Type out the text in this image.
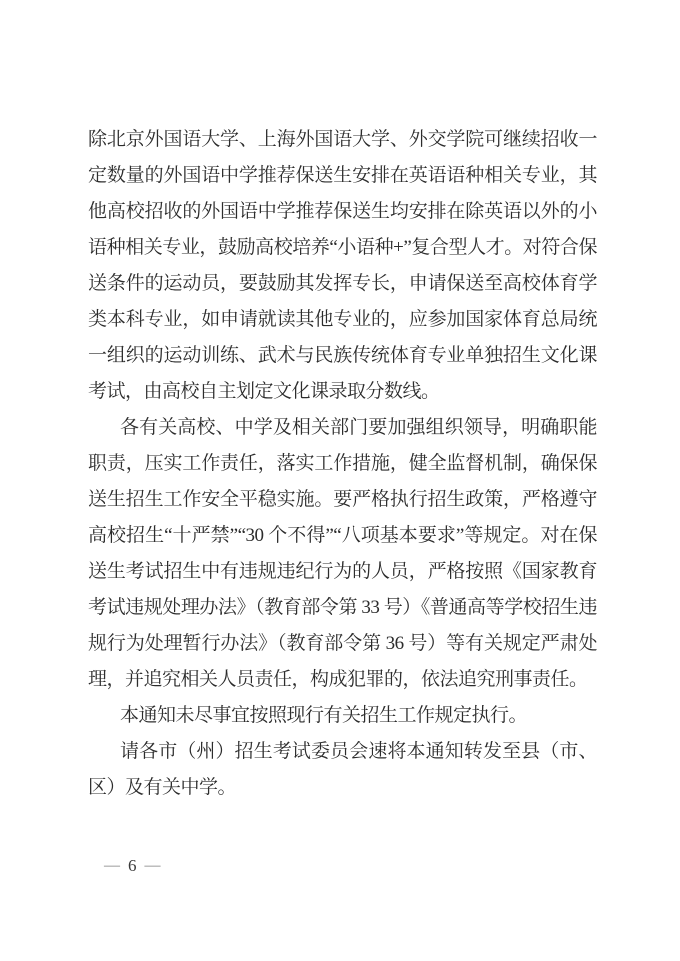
除北京外国语大学、上海外国语大学、外交学院可继续招收一定数量的外国语中学推荐保送生安排在英语语种相关专业，其他高校招收的外国语中学推荐保送生均安排在除英语以外的小语种相关专业，鼓励高校培养“小语种+”复合型人才。对符合保送条件的运动员，要鼓励其发挥专长，申请保送至高校体育学类本科专业，如申请就读其他专业的，应参加国家体育总局统一组织的运动训练、武术与民族传统体育专业单独招生文化课考试，由高校自主划定文化课录取分数线。

各有关高校、中学及相关部门要加强组织领导，明确职能职责，压实工作责任，落实工作措施，健全监督机制，确保保送生招生工作安全平稳实施。要严格执行招生政策，严格遵守高校招生“十严禁”“30 个不得”“八项基本要求”等规定。对在保送生考试招生中有违规违纪行为的人员，严格按照《国家教育考试违规处理办法》（教育部令第 33 号）《普通高等学校招生违规行为处理暂行办法》（教育部令第 36 号）等有关规定严肃处理，并追究相关人员责任，构成犯罪的，依法追究刑事责任。

本通知未尽事宜按照现行有关招生工作规定执行。

请各市（州）招生考试委员会速将本通知转发至县（市、区）及有关中学。

— 6 —
